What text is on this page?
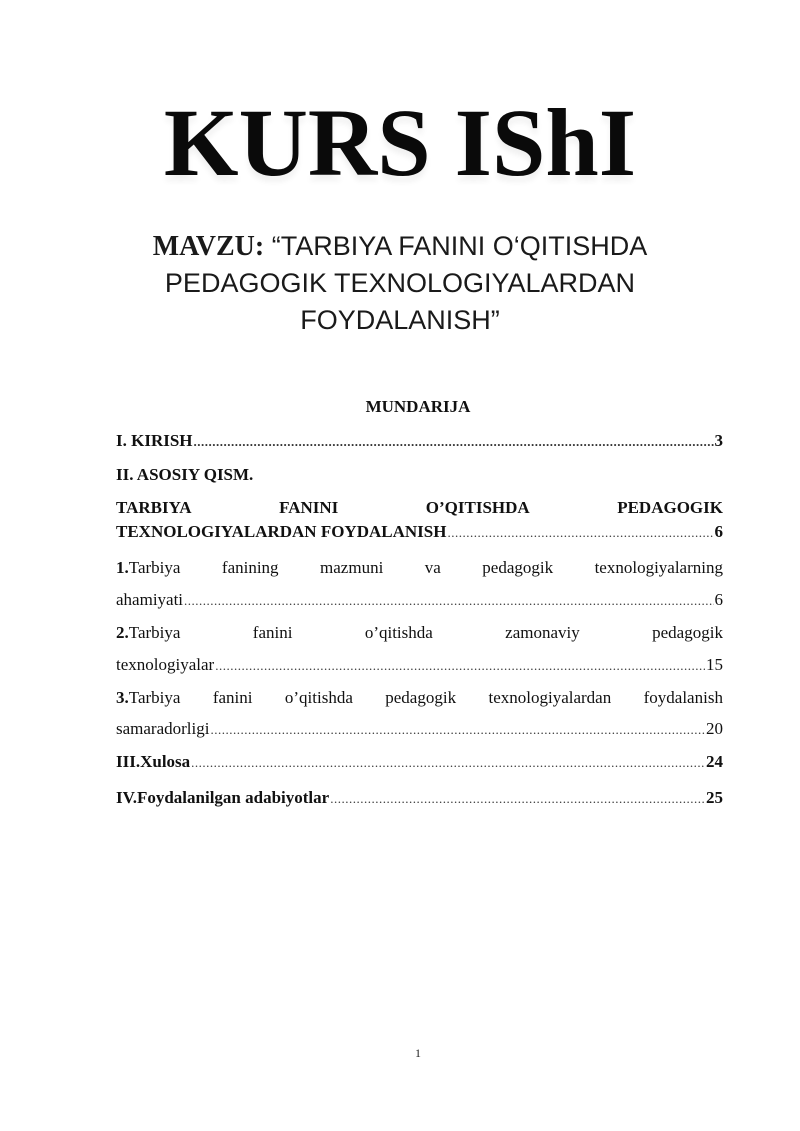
KURS IShI
MAVZU: “TARBIYA FANINI O‘QITISHDA
PEDAGOGIK TEXNOLOGIYALARDAN
FOYDALANISH”
MUNDARIJA
I. KIRISH .....	3
II. ASOSIY QISM.
TARBIYA	FANINI	O’QITISHDA	PEDAGOGIK
TEXNOLOGIYALARDAN FOYDALANISH .....	6
1.Tarbiya fanining mazmuni va pedagogik texnologiyalarning
ahamiyati .....	6
2.Tarbiya	fanini	o’qitishda	zamonaviy	pedagogik
texnologiyalar .....	15
3.Tarbiya fanini o’qitishda pedagogik texnologiyalardan foydalanish
samaradorligi .....	20
III.Xulosa .....	24
IV.Foydalanilgan adabiyotlar .....	25
1
